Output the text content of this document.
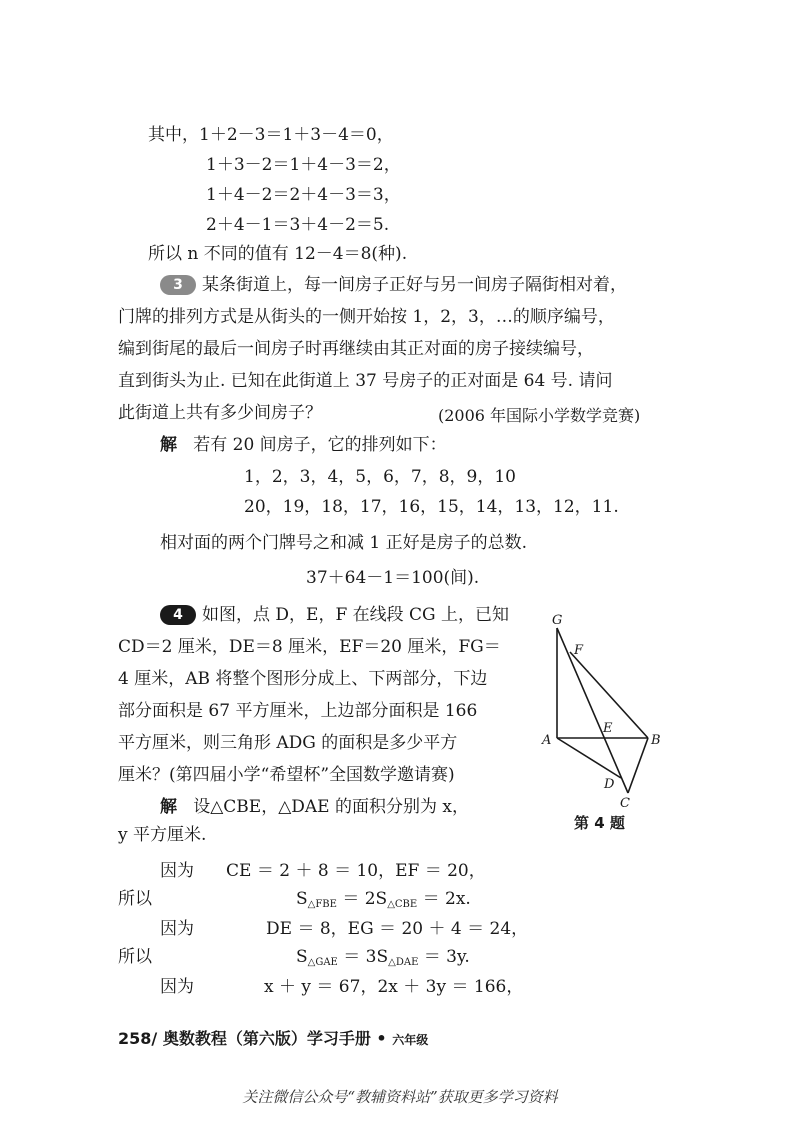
其中，1＋2－3＝1＋3－4＝0，
1＋3－2＝1＋4－3＝2，
1＋4－2＝2＋4－3＝3，
2＋4－1＝3＋4－2＝5.
所以 n 不同的值有 12－4＝8(种).
3 某条街道上，每一间房子正好与另一间房子隔街相对着，
门牌的排列方式是从街头的一侧开始按 1，2，3，…的顺序编号，
编到街尾的最后一间房子时再继续由其正对面的房子接续编号，
直到街头为止. 已知在此街道上 37 号房子的正对面是 64 号. 请问
此街道上共有多少间房子？	(2006 年国际小学数学竞赛)
解 若有 20 间房子，它的排列如下：
1，2，3，4，5，6，7，8，9，10
20，19，18，17，16，15，14，13，12，11.
相对面的两个门牌号之和减 1 正好是房子的总数.
37＋64－1＝100(间).
4 如图，点 D，E，F 在线段 CG 上，已知
CD＝2 厘米，DE＝8 厘米，EF＝20 厘米，FG＝
4 厘米，AB 将整个图形分成上、下两部分，下边
部分面积是 67 平方厘米，上边部分面积是 166
平方厘米，则三角形 ADG 的面积是多少平方
厘米？(第四届小学“希望杯”全国数学邀请赛)
解 设△CBE，△DAE 的面积分别为 x，
y 平方厘米.
因为 CE ＝ 2 ＋ 8 ＝ 10，EF ＝ 20，
所以	$S_{\triangle FBE} = 2S_{\triangle CBE} = 2x$.
因为	DE ＝ 8，EG ＝ 20 ＋ 4 ＝ 24，
所以	$S_{\triangle GAE} = 3S_{\triangle DAE} = 3y$.
因为	x ＋ y ＝ 67，2x ＋ 3y ＝ 166，
G
F
E
A	B
D
C
第 4 题
258/ 奥数教程（第六版）学习手册 • 六年级
关注微信公众号“教辅资料站”获取更多学习资料
